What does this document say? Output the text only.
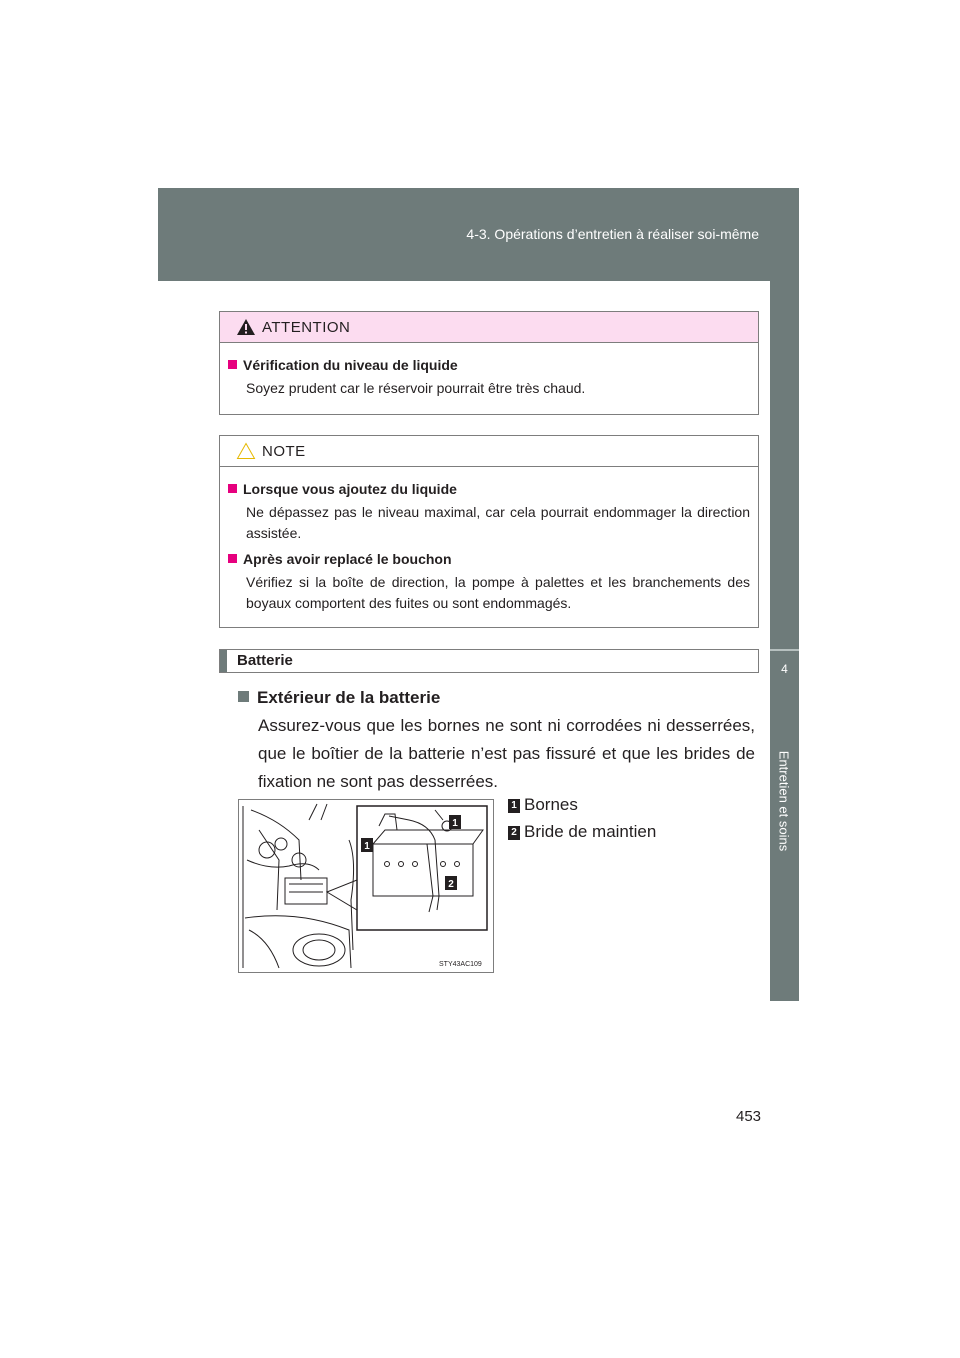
4-3. Opérations d’entretien à réaliser soi-même
4
Entretien et soins
ATTENTION
Vérification du niveau de liquide
Soyez prudent car le réservoir pourrait être très chaud.
NOTE
Lorsque vous ajoutez du liquide
Ne dépassez pas le niveau maximal, car cela pourrait endommager la direction assistée.
Après avoir replacé le bouchon
Vérifiez si la boîte de direction, la pompe à palettes et les branchements des boyaux comportent des fuites ou sont endommagés.
Batterie
Extérieur de la batterie
Assurez-vous que les bornes ne sont ni corrodées ni desserrées, que le boîtier de la batterie n’est pas fissuré et que les brides de fixation ne sont pas desserrées.
1
1
2
STY43AC109
1 Bornes
2 Bride de maintien
453
